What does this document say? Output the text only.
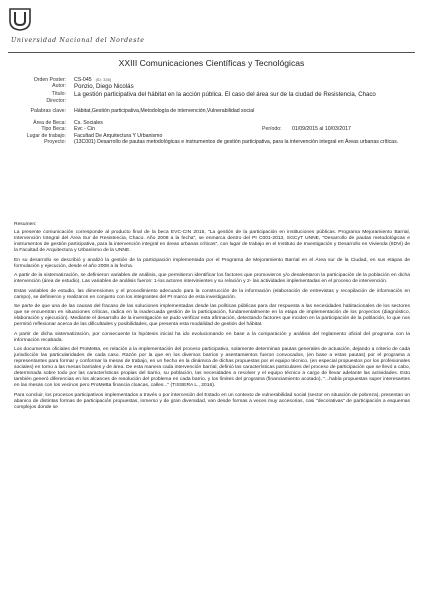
Universidad Nacional del Nordeste
XXIII Comunicaciones Científicas y Tecnológicas
Orden Poster:	CS-045 (ID: 335)
Autor:	Ponzio, Diego Nicolás
Título:	La gestión participativa del hábitat en la acción pública. El caso del área sur de la ciudad de Resistencia, Chaco
Director:
Palabras clave:	Hábitat,Gestión participativa,Metodología de intervención,Vulnerabilidad social
Área de Beca:	Cs. Sociales
Tipo Beca:	Evc - Cin	Período: 01/09/2015 al 10/03/2017
Lugar de trabajo:	Facultad De Arquitectura Y Urbanismo
Proyecto:	(13C001) Desarrollo de pautas metodológicas e instrumentos de gestión participativa, para la intervención integral en Áreas urbanas críticas.

Resumen:

La presente comunicación corresponde al producto final de la beca EVC-CIN 2015, "La gestión de la participación en instituciones públicas. Programa Mejoramiento Barrial, Intervención Integral del Área Sur de Resistencia, Chaco. Año 2008 a la fecha", se enmarca dentro del PI C001-2013, SGCyT UNNE, "Desarrollo de pautas metodológicas e instrumentos de gestión participativa, para la intervención integral en áreas urbanas críticas", con lugar de trabajo en el Instituto de Investigación y Desarrollo en Vivienda (IIDVi) de la Facultad de Arquitectura y Urbanismo de la UNNE.

En su desarrollo se describió y analizó la gestión de la participación implementada por el Programa de Mejoramiento Barrial en el Área sur de la Ciudad, en sus etapas de formulación y ejecución, desde el año 2008 a la fecha.

A partir de la sistematización, se definieron variables de análisis, que permitieron identificar los factores que promovieron y/o desalentaron la participación de la población en dicha intervención (área de estudio). Las variables de análisis fueron: 1-los actores intervinientes y su relación y 2- las actividades implementadas en el proceso de intervención.

Estas variables de estudio, las dimensiones y el procedimiento adecuado para la construcción de la información (elaboración de entrevistas y recopilación de información en campo), se definieron y realizaron en conjunto con los integrantes del PI marco de esta investigación.

Se parte de que una de las causas del fracaso de las soluciones implementadas desde las políticas públicas para dar respuesta a las necesidades habitacionales de los sectores que se encuentran en situaciones críticas, radica en la inadecuada gestión de la participación, fundamentalmente en la etapa de implementación de los proyectos (diagnóstico, elaboración y ejecución). Mediante el desarrollo de la investigación se pudo verificar esta afirmación, detectando factores que inciden en la participación de la población, lo que nos permitió reflexionar acerca de las dificultades y posibilidades, que presenta esta modalidad de gestión del hábitat.

A partir de dicha sistematización, por consecuente la hipótesis inicial ha ido evolucionando en base a la comparación y análisis del reglamento oficial del programa con la información recabada.

Los documentos oficiales del ProMeBa, en relación a la implementación del proceso participativo, solamente determinan pautas generales de actuación, dejando a criterio de cada jurisdicción las particularidades de cada caso. Razón por la que en los diversos barrios y asentamientos fueron convocados, (en base a estas pautas) por el programa a representantes para formar y conformar la mesas de trabajo, en un hecho en la dinámica de dichas propuestas por el equipo técnico, (en especial propuestos por los profesionales sociales) en torno a las mesas barriales y de área. De esta manera cada intervención barrial, definió las características particulares del proceso de participación que se llevó a cabo, determinada sobre todo por las características propias del barrio, su población, las necesidades a resolver y el equipo técnico a cargo de llevar adelante las actividades. Esto también generó diferencias en los alcances de resolución del problema en cada barrio, y los límites del programa (financiamiento acotado), "...había propuestas super interesantes en las mesas con los vecinos pero ProMeBa financia cloacas, calles..." (TISSERA L., 2016).

Para concluir, los procesos participativos implementados a través o por intercesión del Estado en un contexto de vulnerabilidad social (sector en situación de pobreza), presentan un abanico de distintas formas de participación propuestas, inmerso y de gran diversidad, van desde formas a veces muy accesorias, casi "decorativas" de participación a esquemas complejos donde se
